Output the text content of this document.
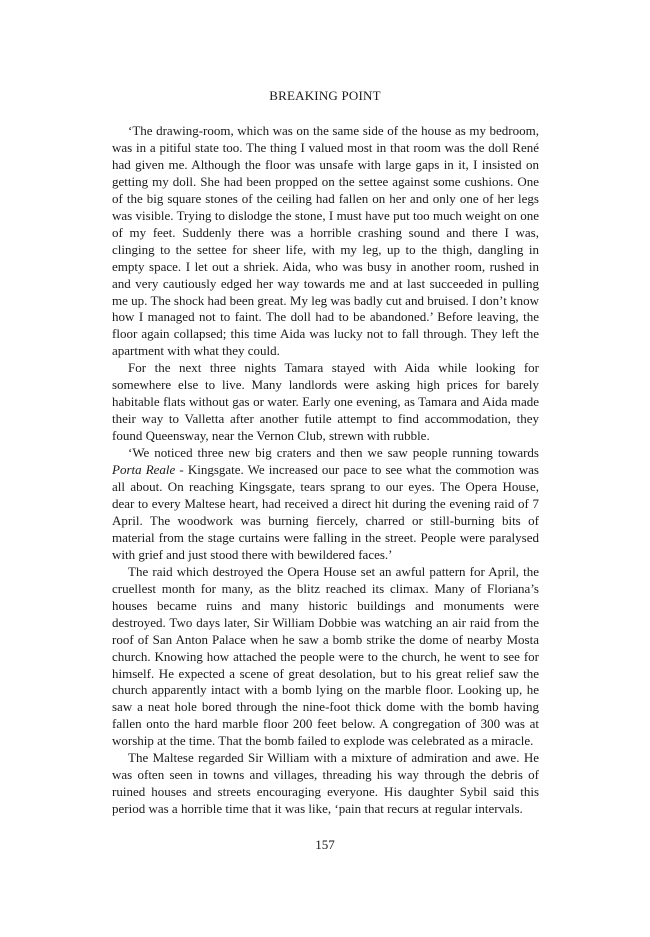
BREAKING POINT

‘The drawing-room, which was on the same side of the house as my bedroom, was in a pitiful state too. The thing I valued most in that room was the doll René had given me. Although the floor was unsafe with large gaps in it, I insisted on getting my doll. She had been propped on the settee against some cushions. One of the big square stones of the ceiling had fallen on her and only one of her legs was visible. Trying to dislodge the stone, I must have put too much weight on one of my feet. Suddenly there was a horrible crashing sound and there I was, clinging to the settee for sheer life, with my leg, up to the thigh, dangling in empty space. I let out a shriek. Aida, who was busy in another room, rushed in and very cautiously edged her way towards me and at last succeeded in pulling me up. The shock had been great. My leg was badly cut and bruised. I don’t know how I managed not to faint. The doll had to be abandoned.’ Before leaving, the floor again collapsed; this time Aida was lucky not to fall through. They left the apartment with what they could.

For the next three nights Tamara stayed with Aida while looking for somewhere else to live. Many landlords were asking high prices for barely habitable flats without gas or water. Early one evening, as Tamara and Aida made their way to Valletta after another futile attempt to find accommodation, they found Queensway, near the Vernon Club, strewn with rubble.

‘We noticed three new big craters and then we saw people running towards Porta Reale - Kingsgate. We increased our pace to see what the commotion was all about. On reaching Kingsgate, tears sprang to our eyes. The Opera House, dear to every Maltese heart, had received a direct hit during the evening raid of 7 April. The woodwork was burning fiercely, charred or still-burning bits of material from the stage curtains were falling in the street. People were paralysed with grief and just stood there with bewildered faces.’

The raid which destroyed the Opera House set an awful pattern for April, the cruellest month for many, as the blitz reached its climax. Many of Floriana’s houses became ruins and many historic buildings and monuments were destroyed. Two days later, Sir William Dobbie was watching an air raid from the roof of San Anton Palace when he saw a bomb strike the dome of nearby Mosta church. Knowing how attached the people were to the church, he went to see for himself. He expected a scene of great desolation, but to his great relief saw the church apparently intact with a bomb lying on the marble floor. Looking up, he saw a neat hole bored through the nine-foot thick dome with the bomb having fallen onto the hard marble floor 200 feet below. A congregation of 300 was at worship at the time. That the bomb failed to explode was celebrated as a miracle.

The Maltese regarded Sir William with a mixture of admiration and awe. He was often seen in towns and villages, threading his way through the debris of ruined houses and streets encouraging everyone. His daughter Sybil said this period was a horrible time that it was like, ‘pain that recurs at regular intervals.

157
